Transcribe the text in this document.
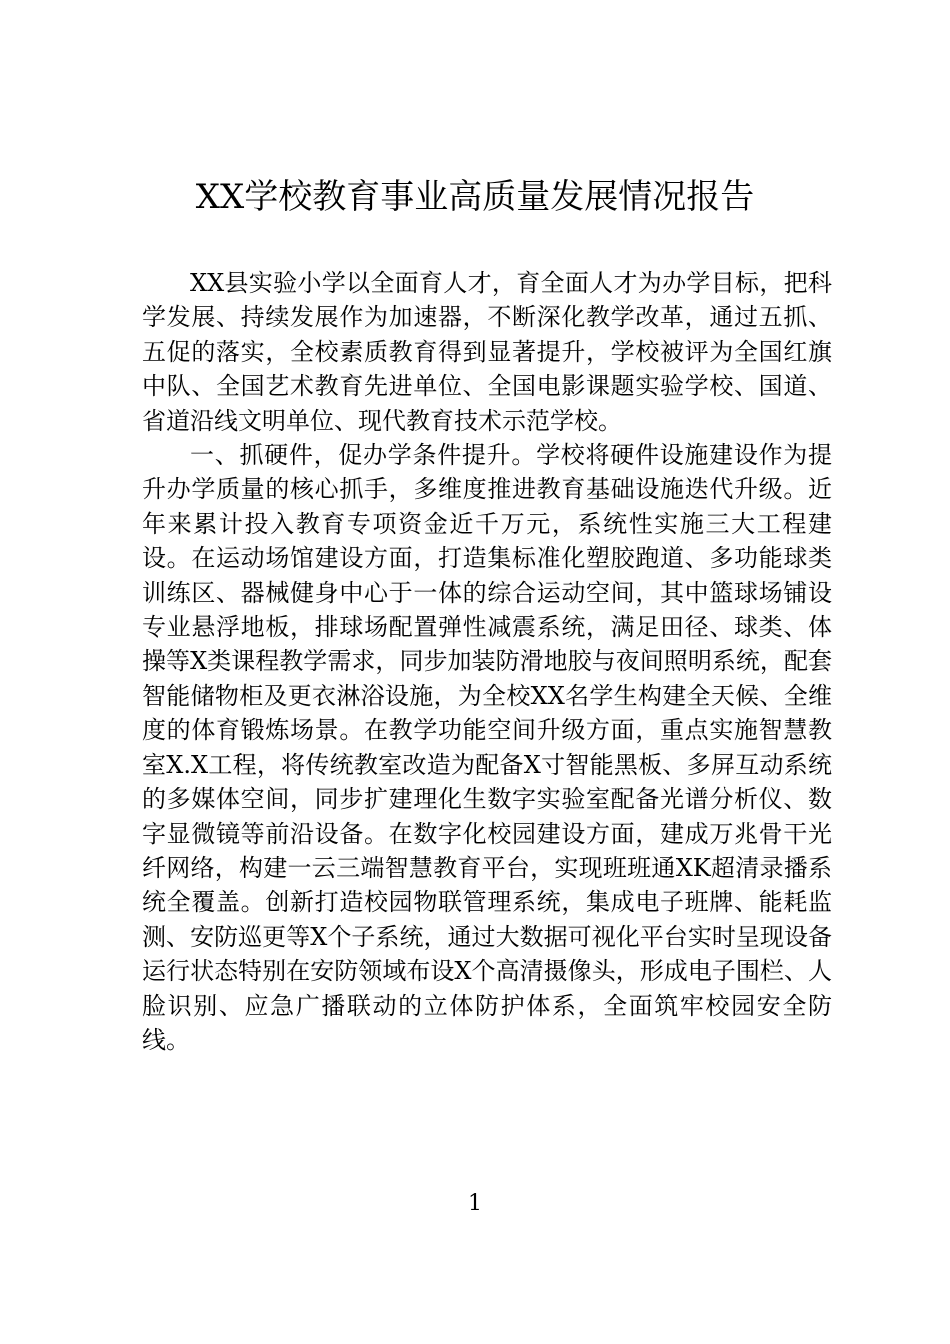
XX学校教育事业高质量发展情况报告

XX县实验小学以全面育人才，育全面人才为办学目标，把科学发展、持续发展作为加速器，不断深化教学改革，通过五抓、五促的落实，全校素质教育得到显著提升，学校被评为全国红旗中队、全国艺术教育先进单位、全国电影课题实验学校、国道、省道沿线文明单位、现代教育技术示范学校。

一、抓硬件，促办学条件提升。学校将硬件设施建设作为提升办学质量的核心抓手，多维度推进教育基础设施迭代升级。近年来累计投入教育专项资金近千万元，系统性实施三大工程建设。在运动场馆建设方面，打造集标准化塑胶跑道、多功能球类训练区、器械健身中心于一体的综合运动空间，其中篮球场铺设专业悬浮地板，排球场配置弹性减震系统，满足田径、球类、体操等X类课程教学需求，同步加装防滑地胶与夜间照明系统，配套智能储物柜及更衣淋浴设施，为全校XX名学生构建全天候、全维度的体育锻炼场景。在教学功能空间升级方面，重点实施智慧教室X.X工程，将传统教室改造为配备X寸智能黑板、多屏互动系统的多媒体空间，同步扩建理化生数字实验室配备光谱分析仪、数字显微镜等前沿设备。在数字化校园建设方面，建成万兆骨干光纤网络，构建一云三端智慧教育平台，实现班班通XK超清录播系统全覆盖。创新打造校园物联管理系统，集成电子班牌、能耗监测、安防巡更等X个子系统，通过大数据可视化平台实时呈现设备运行状态特别在安防领域布设X个高清摄像头，形成电子围栏、人脸识别、应急广播联动的立体防护体系，全面筑牢校园安全防线。

1
